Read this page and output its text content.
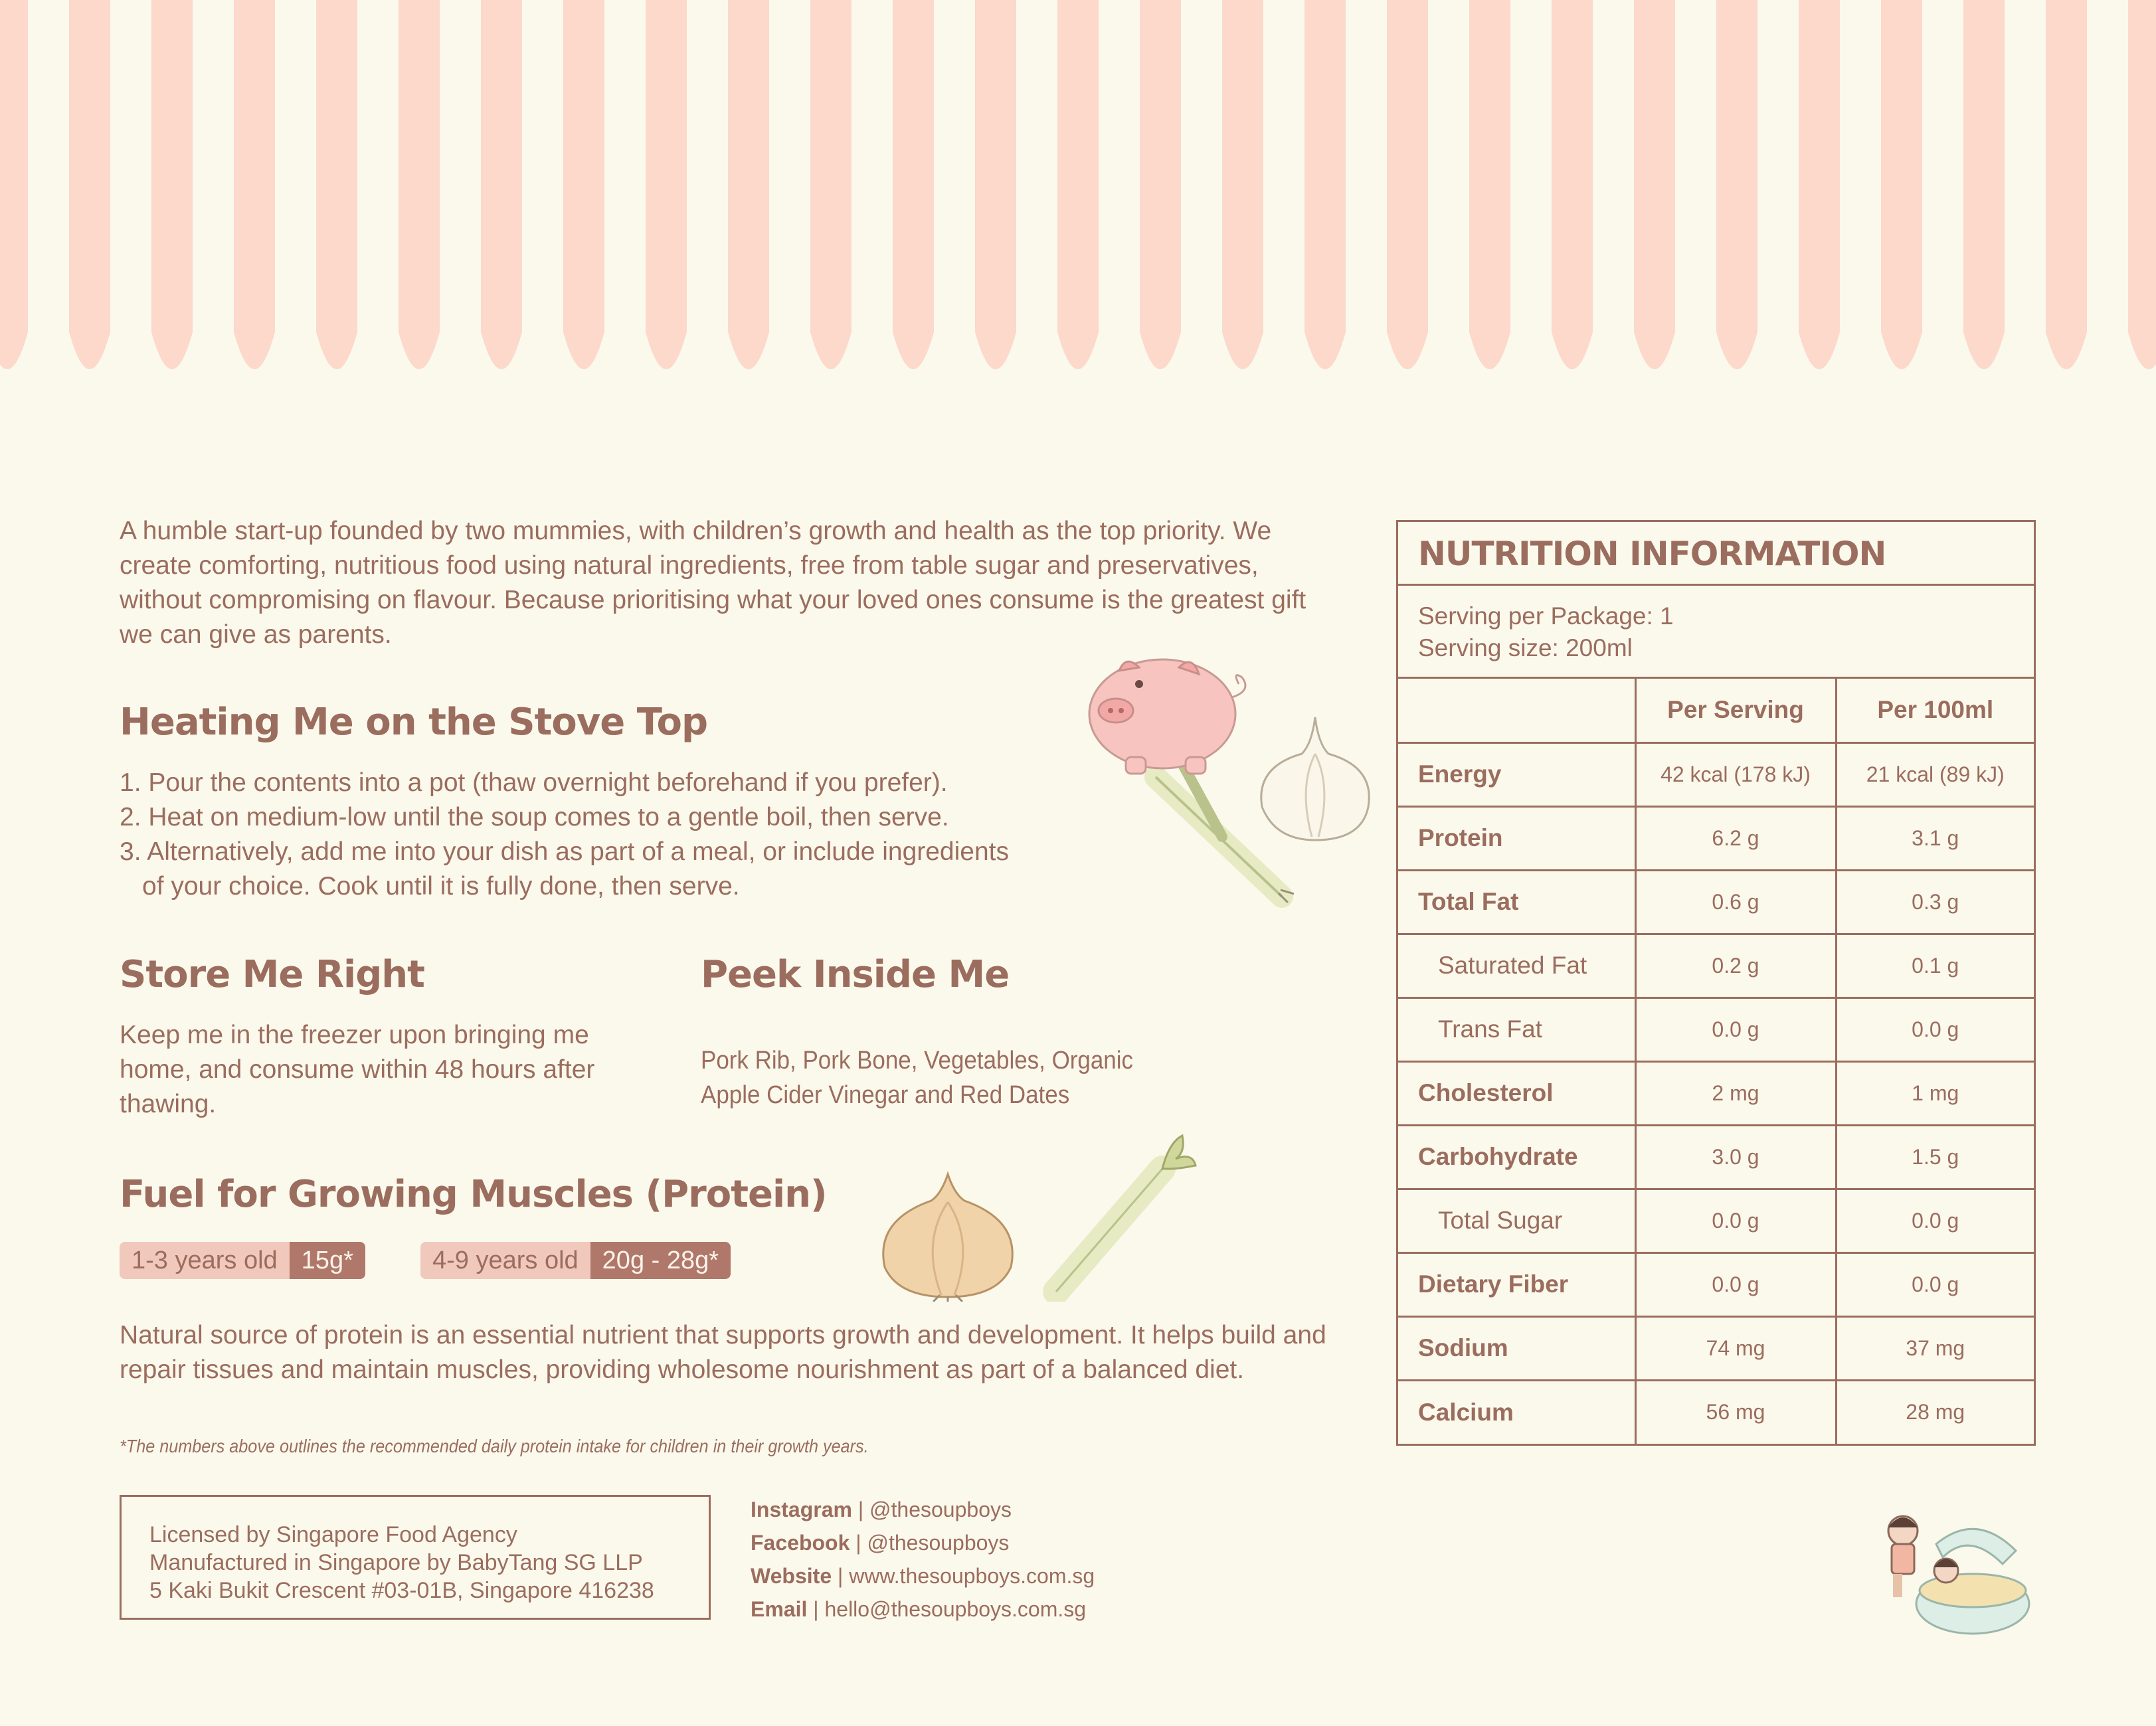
A humble start-up founded by two mummies, with children’s growth and health as the top priority. We create comforting, nutritious food using natural ingredients, free from table sugar and preservatives, without compromising on flavour. Because prioritising what your loved ones consume is the greatest gift we can give as parents.

Heating Me on the Stove Top
1. Pour the contents into a pot (thaw overnight beforehand if you prefer).
2. Heat on medium-low until the soup comes to a gentle boil, then serve.
3. Alternatively, add me into your dish as part of a meal, or include ingredients
of your choice. Cook until it is fully done, then serve.
Store Me Right

Keep me in the freezer upon bringing me home, and consume within 48 hours after thawing.

Peek Inside Me

Pork Rib, Pork Bone, Vegetables, Organic Apple Cider Vinegar and Red Dates

Fuel for Growing Muscles (Protein)
1-3 years old 15g*	4-9 years old 20g - 28g*

Natural source of protein is an essential nutrient that supports growth and development. It helps build and repair tissues and maintain muscles, providing wholesome nourishment as part of a balanced diet.

*The numbers above outlines the recommended daily protein intake for children in their growth years.
Licensed by Singapore Food Agency
Manufactured in Singapore by BabyTang SG LLP
5 Kaki Bukit Crescent #03-01B, Singapore 416238
Instagram | @thesoupboys
Facebook | @thesoupboys
Website | www.thesoupboys.com.sg
Email | hello@thesoupboys.com.sg
NUTRITION INFORMATION
Serving per Package: 1
Serving size: 200ml
	Per Serving	Per 100ml
Energy	42 kcal (178 kJ)	21 kcal (89 kJ)
Protein	6.2 g	3.1 g
Total Fat	0.6 g	0.3 g
Saturated Fat	0.2 g	0.1 g
Trans Fat	0.0 g	0.0 g
Cholesterol	2 mg	1 mg
Carbohydrate	3.0 g	1.5 g
Total Sugar	0.0 g	0.0 g
Dietary Fiber	0.0 g	0.0 g
Sodium	74 mg	37 mg
Calcium	56 mg	28 mg
